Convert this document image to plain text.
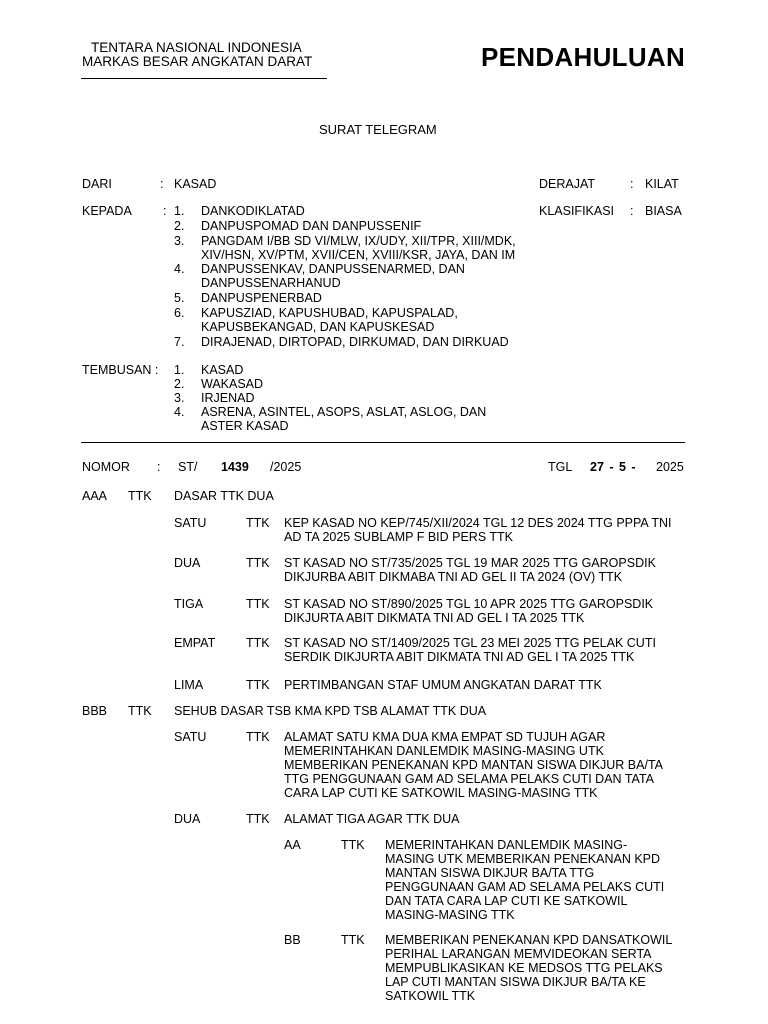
TENTARA NASIONAL INDONESIA
MARKAS BESAR ANGKATAN DARAT	PENDAHULUAN
SURAT TELEGRAM
DARI	: KASAD	DERAJAT	: KILAT
KEPADA :	KLASIFIKASI : BIASA
1. DANKODIKLATAD
2. DANPUSPOMAD DAN DANPUSSENIF
3. PANGDAM I/BB SD VI/MLW, IX/UDY, XII/TPR, XIII/MDK,
XIV/HSN, XV/PTM, XVII/CEN, XVIII/KSR, JAYA, DAN IM
4. DANPUSSENKAV, DANPUSSENARMED, DAN
DANPUSSENARHANUD
5. DANPUSPENERBAD
6. KAPUSZIAD, KAPUSHUBAD, KAPUSPALAD,
KAPUSBEKANGAD, DAN KAPUSKESAD
7. DIRAJENAD, DIRTOPAD, DIRKUMAD, DAN DIRKUAD
TEMBUSAN : 1. KASAD
2. WAKASAD
3. IRJENAD
4. ASRENA, ASINTEL, ASOPS, ASLAT, ASLOG, DAN
ASTER KASAD
NOMOR : ST/ 1439 /2025	TGL 27 - 5 - 2025
AAA TTK DASAR TTK DUA
SATU	TTK KEP KASAD NO KEP/745/XII/2024 TGL 12 DES 2024 TTG PPPA TNI
AD TA 2025 SUBLAMP F BID PERS TTK
DUA	TTK ST KASAD NO ST/735/2025 TGL 19 MAR 2025 TTG GAROPSDIK
DIKJURBA ABIT DIKMABA TNI AD GEL II TA 2024 (OV) TTK
TIGA	TTK ST KASAD NO ST/890/2025 TGL 10 APR 2025 TTG GAROPSDIK
DIKJURTA ABIT DIKMATA TNI AD GEL I TA 2025 TTK
EMPAT TTK ST KASAD NO ST/1409/2025 TGL 23 MEI 2025 TTG PELAK CUTI
SERDIK DIKJURTA ABIT DIKMATA TNI AD GEL I TA 2025 TTK
LIMA	TTK PERTIMBANGAN STAF UMUM ANGKATAN DARAT TTK
BBB TTK SEHUB DASAR TSB KMA KPD TSB ALAMAT TTK DUA
SATU	TTK ALAMAT SATU KMA DUA KMA EMPAT SD TUJUH AGAR
MEMERINTAHKAN DANLEMDIK MASING-MASING UTK
MEMBERIKAN PENEKANAN KPD MANTAN SISWA DIKJUR BA/TA
TTG PENGGUNAAN GAM AD SELAMA PELAKS CUTI DAN TATA
CARA LAP CUTI KE SATKOWIL MASING-MASING TTK
DUA	TTK ALAMAT TIGA AGAR TTK DUA
AA	TTK MEMERINTAHKAN DANLEMDIK MASING-
MASING UTK MEMBERIKAN PENEKANAN KPD
MANTAN SISWA DIKJUR BA/TA TTG
PENGGUNAAN GAM AD SELAMA PELAKS CUTI
DAN TATA CARA LAP CUTI KE SATKOWIL
MASING-MASING TTK
BB	TTK MEMBERIKAN PENEKANAN KPD DANSATKOWIL
PERIHAL LARANGAN MEMVIDEOKAN SERTA
MEMPUBLIKASIKAN KE MEDSOS TTG PELAKS
LAP CUTI MANTAN SISWA DIKJUR BA/TA KE
SATKOWIL TTK
